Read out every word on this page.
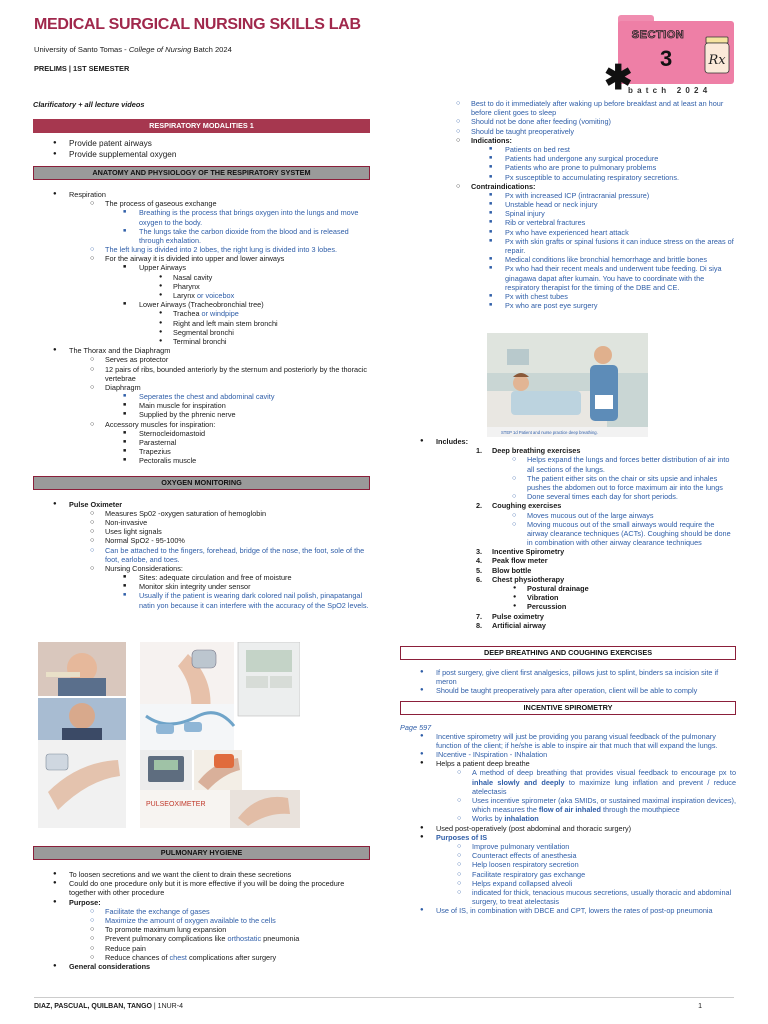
MEDICAL SURGICAL NURSING SKILLS LAB
University of Santo Tomas - College of Nursing Batch 2024
PRELIMS | 1ST SEMESTER
SECTION
3	Rx
✱
batch 2024
Clarificatory + all lecture videos
RESPIRATORY MODALITIES 1
● Provide patent airways
● Provide supplemental oxygen
ANATOMY AND PHYSIOLOGY OF THE RESPIRATORY SYSTEM
● Respiration
○ The process of gaseous exchange
■ Breathing is the process that brings oxygen into the lungs and move oxygen to the body.
■ The lungs take the carbon dioxide from the blood and is released through exhalation.
○ The left lung is divided into 2 lobes, the right lung is divided into 3 lobes.
○ For the airway it is divided into upper and lower airways
■ Upper Airways
● Nasal cavity
● Pharynx
● Larynx or voicebox
■ Lower Airways (Tracheobronchial tree)
● Trachea or windpipe
● Right and left main stem bronchi
● Segmental bronchi
● Terminal bronchi
● The Thorax and the Diaphragm
○ Serves as protector
○ 12 pairs of ribs, bounded anteriorly by the sternum and posteriorly by the thoracic vertebrae
○ Diaphragm
■ Seperates the chest and abdominal cavity
■ Main muscle for inspiration
■ Supplied by the phrenic nerve
○ Accessory muscles for inspiration:
■ Sternocleidomastoid
■ Parasternal
■ Trapezius
■ Pectoralis muscle
OXYGEN MONITORING
● Pulse Oximeter
○ Measures Sp02 -oxygen saturation of hemoglobin
○ Non-invasive
○ Uses light signals
○ Normal SpO2 - 95-100%
○ Can be attached to the fingers, forehead, bridge of the nose, the foot, sole of the foot, earlobe, and toes.
○ Nursing Considerations:
■ Sites: adequate circulation and free of moisture
■ Monitor skin integrity under sensor
■ Usually if the patient is wearing dark colored nail polish, pinapatangal natin yon because it can interfere with the accuracy of the SpO2 levels.
PULSEOXIMETER
PULMONARY HYGIENE
● To loosen secretions and we want the client to drain these secretions
● Could do one procedure only but it is more effective if you will be doing the procedure together with other procedure
● Purpose:
○ Facilitate the exchange of gases
○ Maximize the amount of oxygen available to the cells
○ To promote maximum lung expansion
○ Prevent pulmonary complications like orthostatic pneumonia
○ Reduce pain
○ Reduce chances of chest complications after surgery
● General considerations
○ Best to do it immediately after waking up before breakfast and at least an hour before client goes to sleep
○ Should not be done after feeding (vomiting)
○ Should be taught preoperatively
○ Indications:
■ Patients on bed rest
■ Patients had undergone any surgical procedure
■ Patients who are prone to pulmonary problems
■ Px susceptible to accumulating respiratory secretions.
○ Contraindications:
■ Px with increased ICP (intracranial pressure)
■ Unstable head or neck injury
■ Spinal injury
■ Rib or vertebral fractures
■ Px who have experienced heart attack
■ Px with skin grafts or spinal fusions it can induce stress on the areas of repair.
■ Medical conditions like bronchial hemorrhage and brittle bones
■ Px who had their recent meals and underwent tube feeding. Di siya ginagawa dapat after kumain. You have to coordinate with the respiratory therapist for the timing of the DBE and CE.
■ Px with chest tubes
■ Px who are post eye surgery
STEP 1d Patient and nurse practice deep breathing.
● Includes:
1. Deep breathing exercises
○ Helps expand the lungs and forces better distribution of air into all sections of the lungs.
○ The patient either sits on the chair or sits upsie and inhales pushes the abdomen out to force maximum air into the lungs
○ Done several times each day for short periods.
2. Coughing exercises
○ Moves mucous out of the large airways
○ Moving mucous out of the small airways would require the airway clearance techniques (ACTs). Coughing should be done in combination with other airway clearance techniques
3. Incentive Spirometry
4. Peak flow meter
5. Blow bottle
6. Chest physiotherapy
● Postural drainage
● Vibration
● Percussion
7. Pulse oximetry
8. Artificial airway
DEEP BREATHING AND COUGHING EXERCISES
● If post surgery, give client first analgesics, pillows just to splint, binders sa incision site if meron
● Should be taught preoperatively para after operation, client will be able to comply
INCENTIVE SPIROMETRY
Page 597
● Incentive spirometry will just be providing you parang visual feedback of the pulmonary function of the client; if he/she is able to inspire air that much that will expand the lungs.
● INcentive - INspiration - INhalation
● Helps a patient deep breathe
○ A method of deep breathing that provides visual feedback to encourage px to inhale slowly and deeply to maximize lung inflation and prevent / reduce atelectasis
○ Uses incentive spirometer (aka SMIDs, or sustained maximal inspiration devices), which measures the flow of air inhaled through the mouthpiece
○ Works by inhalation
● Used post-operatively (post abdominal and thoracic surgery)
● Purposes of IS
○ Improve pulmonary ventilation
○ Counteract effects of anesthesia
○ Help loosen respiratory secretion
○ Facilitate respiratory gas exchange
○ Helps expand collapsed alveoli
○ indicated for thick, tenacious mucous secretions, usually thoracic and abdominal surgery, to treat atelectasis
● Use of IS, in combination with DBCE and CPT, lowers the rates of post-op pneumonia
DIAZ, PASCUAL, QUILBAN, TANGO | 1NUR-4	1
